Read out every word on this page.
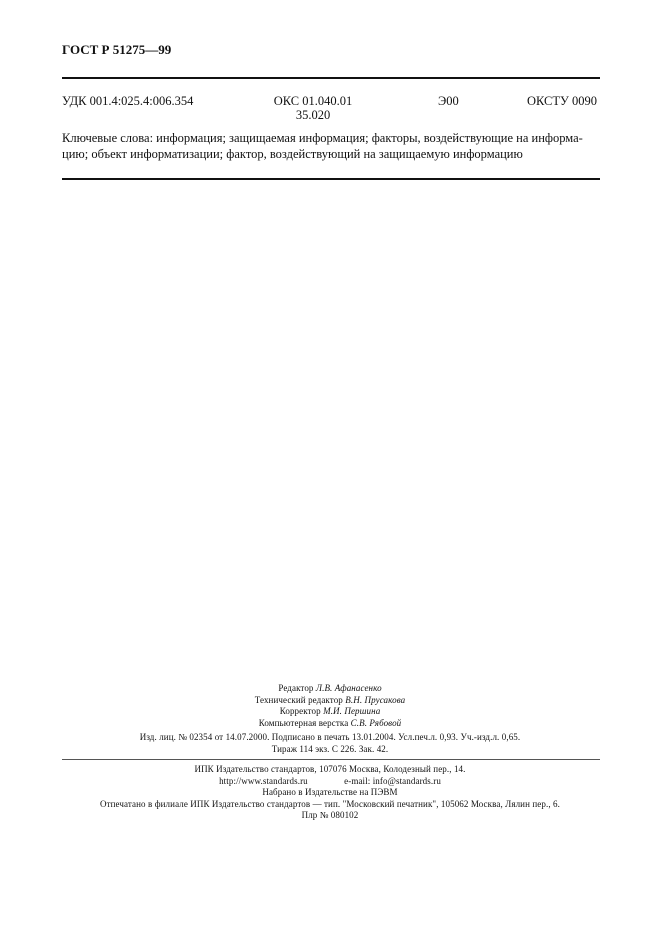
ГОСТ Р 51275—99
УДК 001.4:025.4:006.354	ОКС 01.040.01
35.020
Э00	ОКСТУ 0090
Ключевые слова: информация; защищаемая информация; факторы, воздействующие на информа-
цию; объект информатизации; фактор, воздействующий на защищаемую информацию
Редактор Л.В. Афанасенко
Технический редактор В.Н. Прусакова
Корректор М.И. Першина
Компьютерная верстка С.В. Рябовой
Изд. лиц. № 02354 от 14.07.2000. Подписано в печать 13.01.2004. Усл.печ.л. 0,93. Уч.-изд.л. 0,65.
Тираж 114 экз. С 226. Зак. 42.
ИПК Издательство стандартов, 107076 Москва, Колодезный пер., 14.
http://www.standards.ru	e-mail: info@standards.ru
Набрано в Издательстве на ПЭВМ
Отпечатано в филиале ИПК Издательство стандартов — тип. "Московский печатник", 105062 Москва, Лялин пер., 6.
Плр № 080102
